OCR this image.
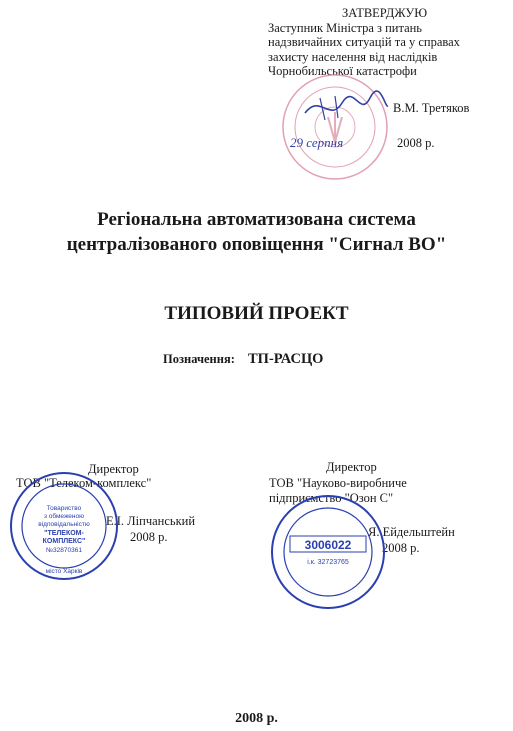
ЗАТВЕРДЖУЮ
Заступник Міністра з питань
надзвичайних ситуацій та у справах
захисту населення від наслідків
Чорнобильської катастрофи
В.М. Третяков
29 серпня	2008 р.
Регіональна автоматизована система
централізованого оповіщення "Сигнал ВО"
ТИПОВИЙ ПРОЕКТ
Позначення: ТП-РАСЦО
Директор
ТОВ "Телеком-комплекс"
Е.І. Ліпчанський
2008 р.
Товариство
з обмеженою
відповідальністю
"ТЕЛЕКОМ-
КОМПЛЕКС"
№32870361
місто Харків
Директор
ТОВ "Науково-виробниче
підприємство "Озон С"
Я. Ейдельштейн
2008 р.
3006022
і.к. 32723765
2008 р.
